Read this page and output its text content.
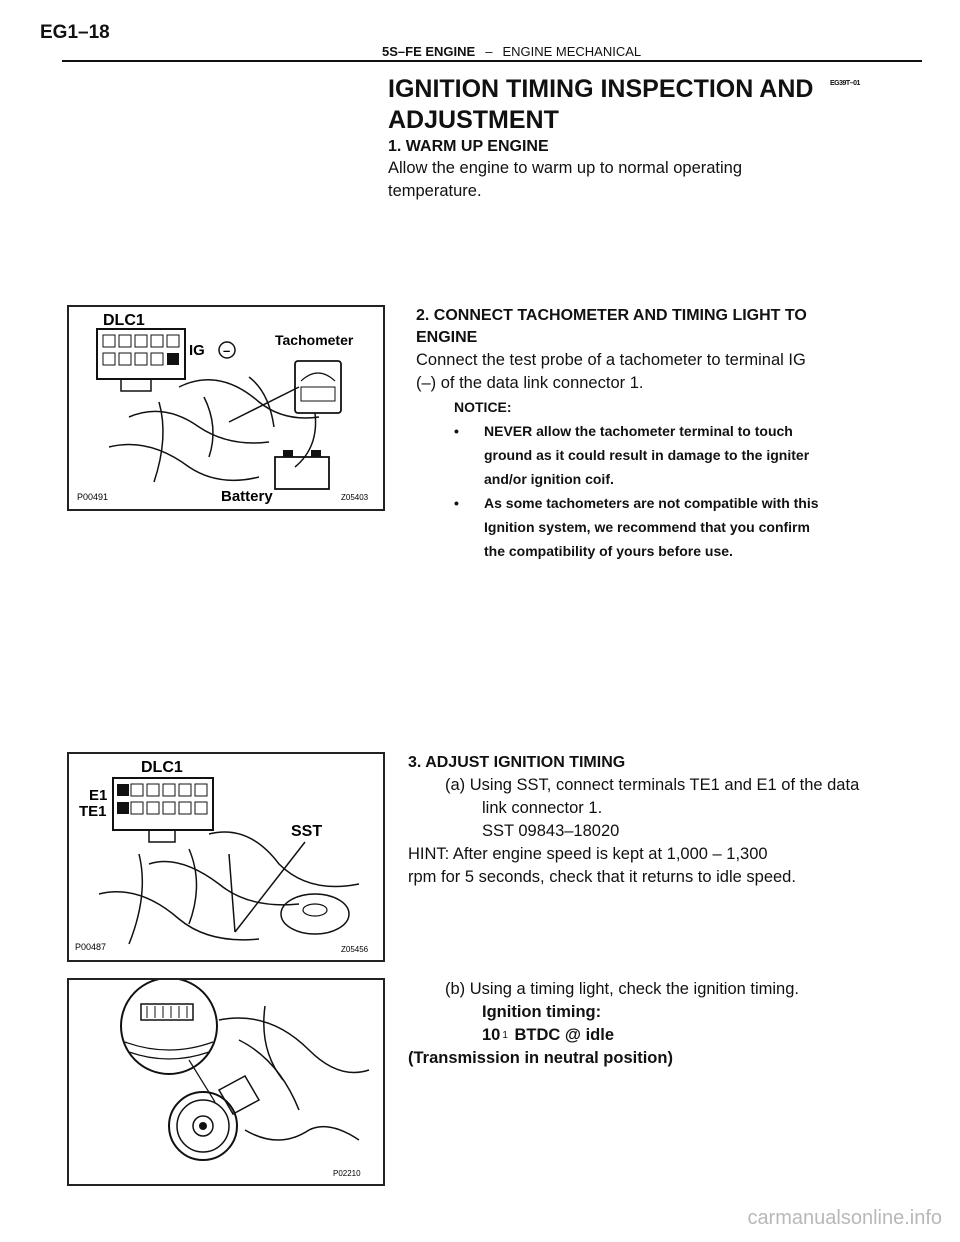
EG1–18
5S–FE ENGINE – ENGINE MECHANICAL
IGNITION TIMING INSPECTION AND
ADJUSTMENT
EG39T–01
1. WARM UP ENGINE
Allow the engine to warm up to normal operating
temperature.
DLC1
IG –
Tachometer
Battery
P00491	Z05403
2. CONNECT TACHOMETER AND TIMING LIGHT TO
ENGINE
Connect the test probe of a tachometer to terminal IG
(–) of the data link connector 1.
NOTICE:
•	NEVER allow the tachometer terminal to touch
ground as it could result in damage to the igniter
and/or ignition coif.
•	As some tachometers are not compatible with this
Ignition system, we recommend that you confirm
the compatibility of yours before use.
DLC1
E1
TE1
SST
P00487	Z05456
3. ADJUST IGNITION TIMING
(a) Using SST, connect terminals TE1 and E1 of the data
link connector 1.
SST 09843–18020
HINT: After engine speed is kept at 1,000 – 1,300
rpm for 5 seconds, check that it returns to idle speed.
P02210
(b) Using a timing light, check the ignition timing.
Ignition timing:
10 1 BTDC @ idle
(Transmission in neutral position)
carmanualsonline.info
